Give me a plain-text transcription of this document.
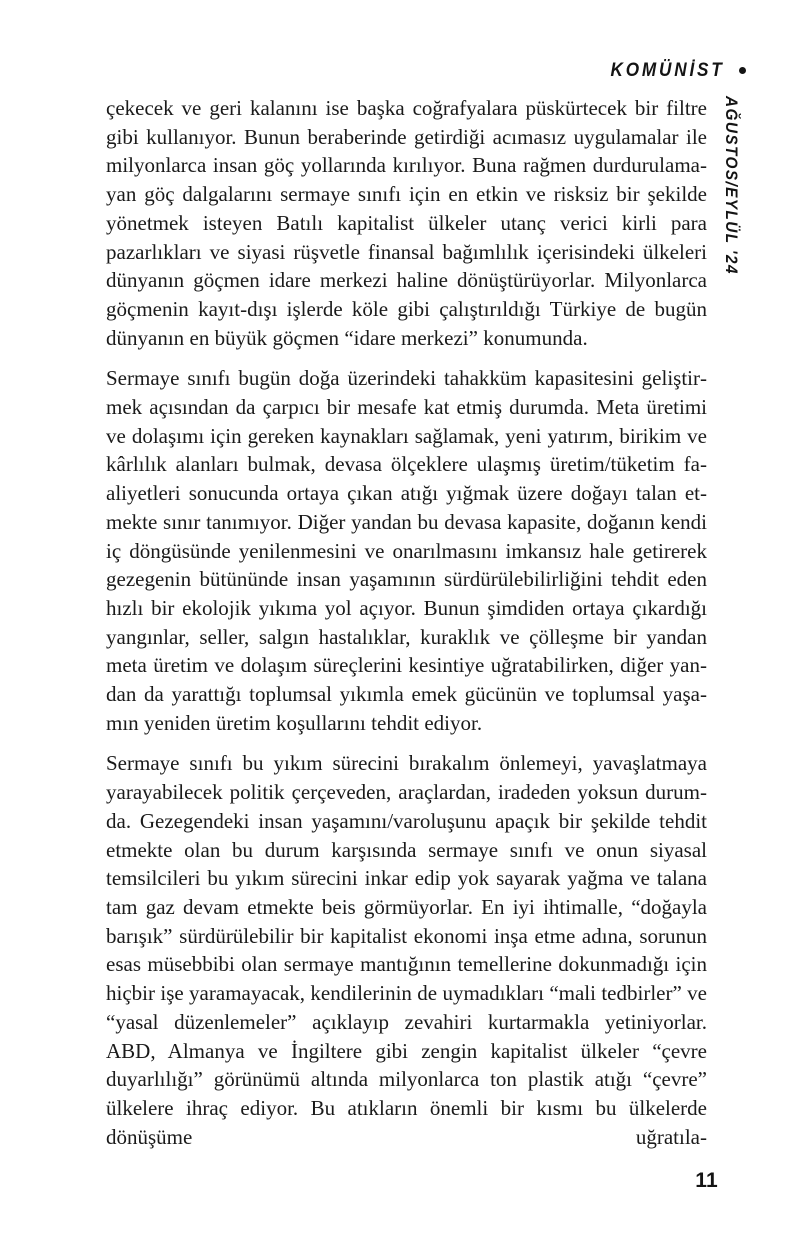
KOMÜNİST
AĞUSTOS/EYLÜL '24

çekecek ve geri kalanını ise başka coğrafyalara püskürtecek bir filtre gibi kullanıyor. Bunun beraberinde getirdiği acımasız uygulamalar ile milyonlarca insan göç yollarında kırılıyor. Buna rağmen durdurulamayan göç dalgalarını sermaye sınıfı için en etkin ve risksiz bir şekilde yönetmek isteyen Batılı kapitalist ülkeler utanç verici kirli para pazarlıkları ve siyasi rüşvetle finansal bağımlılık içerisindeki ülkeleri dünyanın göçmen idare merkezi haline dönüştürüyorlar. Milyonlarca göçmenin kayıt-dışı işlerde köle gibi çalıştırıldığı Türkiye de bugün dünyanın en büyük göçmen “idare merkezi” konumunda.

Sermaye sınıfı bugün doğa üzerindeki tahakküm kapasitesini geliştirmek açısından da çarpıcı bir mesafe kat etmiş durumda. Meta üretimi ve dolaşımı için gereken kaynakları sağlamak, yeni yatırım, birikim ve kârlılık alanları bulmak, devasa ölçeklere ulaşmış üretim/tüketim faaliyetleri sonucunda ortaya çıkan atığı yığmak üzere doğayı talan etmekte sınır tanımıyor. Diğer yandan bu devasa kapasite, doğanın kendi iç döngüsünde yenilenmesini ve onarılmasını imkansız hale getirerek gezegenin bütününde insan yaşamının sürdürülebilirliğini tehdit eden hızlı bir ekolojik yıkıma yol açıyor. Bunun şimdiden ortaya çıkardığı yangınlar, seller, salgın hastalıklar, kuraklık ve çölleşme bir yandan meta üretim ve dolaşım süreçlerini kesintiye uğratabilirken, diğer yandan da yarattığı toplumsal yıkımla emek gücünün ve toplumsal yaşamın yeniden üretim koşullarını tehdit ediyor.

Sermaye sınıfı bu yıkım sürecini bırakalım önlemeyi, yavaşlatmaya yarayabilecek politik çerçeveden, araçlardan, iradeden yoksun durumda. Gezegendeki insan yaşamını/varoluşunu apaçık bir şekilde tehdit etmekte olan bu durum karşısında sermaye sınıfı ve onun siyasal temsilcileri bu yıkım sürecini inkar edip yok sayarak yağma ve talana tam gaz devam etmekte beis görmüyorlar. En iyi ihtimalle, “doğayla barışık” sürdürülebilir bir kapitalist ekonomi inşa etme adına, sorunun esas müsebbibi olan sermaye mantığının temellerine dokunmadığı için hiçbir işe yaramayacak, kendilerinin de uymadıkları “mali tedbirler” ve “yasal düzenlemeler” açıklayıp zevahiri kurtarmakla yetiniyorlar. ABD, Almanya ve İngiltere gibi zengin kapitalist ülkeler “çevre duyarlılığı” görünümü altında milyonlarca ton plastik atığı “çevre” ülkelere ihraç ediyor. Bu atıkların önemli bir kısmı bu ülkelerde dönüşüme uğratıla-

11
